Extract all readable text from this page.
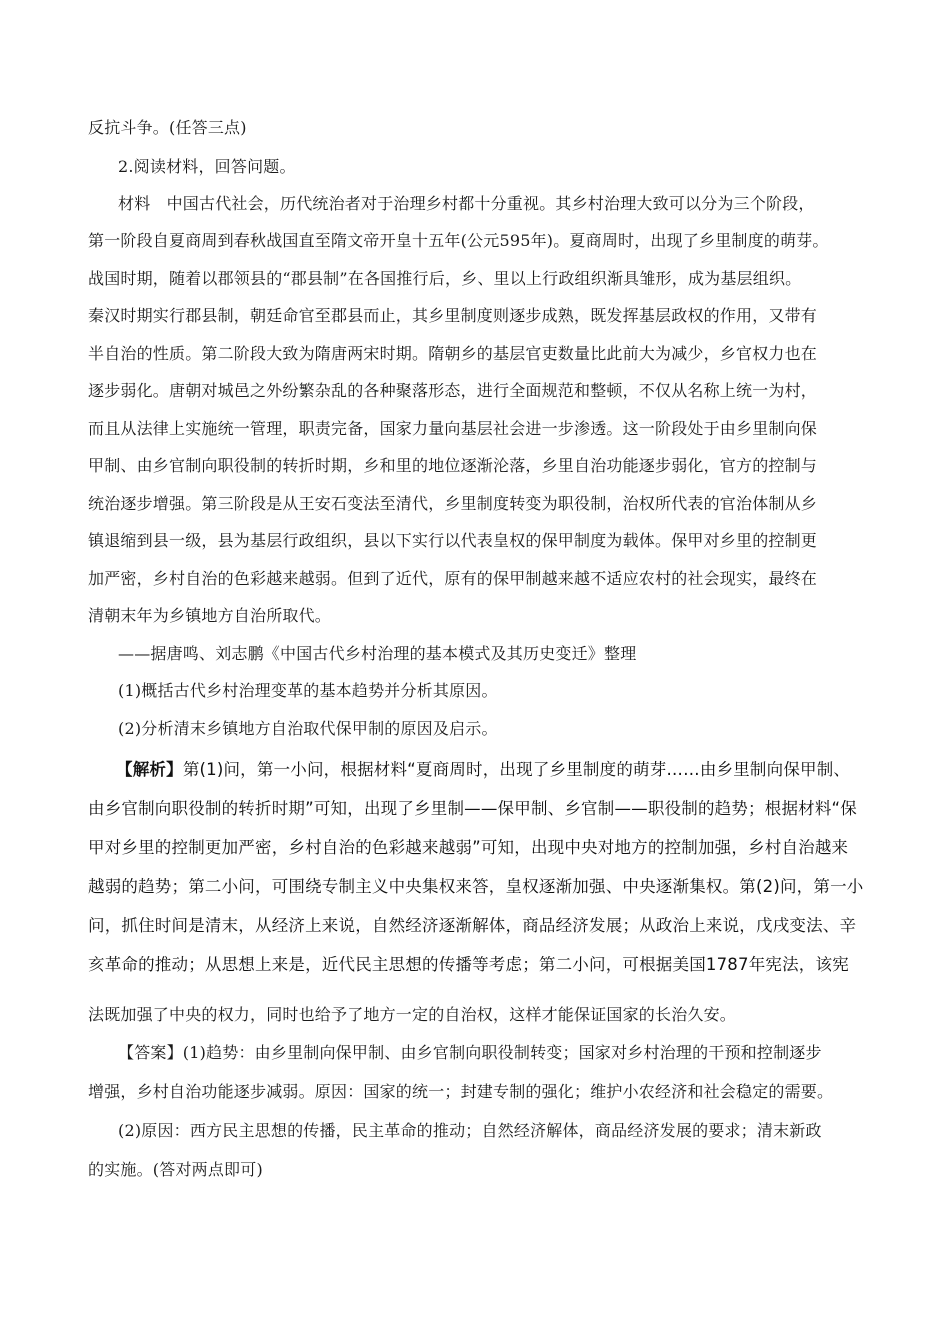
反抗斗争。(任答三点)
2.阅读材料，回答问题。
材料　中国古代社会，历代统治者对于治理乡村都十分重视。其乡村治理大致可以分为三个阶段，
第一阶段自夏商周到春秋战国直至隋文帝开皇十五年(公元595年)。夏商周时，出现了乡里制度的萌芽。
战国时期，随着以郡领县的“郡县制”在各国推行后，乡、里以上行政组织渐具雏形，成为基层组织。
秦汉时期实行郡县制，朝廷命官至郡县而止，其乡里制度则逐步成熟，既发挥基层政权的作用，又带有
半自治的性质。第二阶段大致为隋唐两宋时期。隋朝乡的基层官吏数量比此前大为减少，乡官权力也在
逐步弱化。唐朝对城邑之外纷繁杂乱的各种聚落形态，进行全面规范和整顿，不仅从名称上统一为村，
而且从法律上实施统一管理，职责完备，国家力量向基层社会进一步渗透。这一阶段处于由乡里制向保
甲制、由乡官制向职役制的转折时期，乡和里的地位逐渐沦落，乡里自治功能逐步弱化，官方的控制与
统治逐步增强。第三阶段是从王安石变法至清代，乡里制度转变为职役制，治权所代表的官治体制从乡
镇退缩到县一级，县为基层行政组织，县以下实行以代表皇权的保甲制度为载体。保甲对乡里的控制更
加严密，乡村自治的色彩越来越弱。但到了近代，原有的保甲制越来越不适应农村的社会现实，最终在
清朝末年为乡镇地方自治所取代。
——据唐鸣、刘志鹏《中国古代乡村治理的基本模式及其历史变迁》整理
(1)概括古代乡村治理变革的基本趋势并分析其原因。
(2)分析清末乡镇地方自治取代保甲制的原因及启示。
【解析】第(1)问，第一小问，根据材料“夏商周时，出现了乡里制度的萌芽……由乡里制向保甲制、
由乡官制向职役制的转折时期”可知，出现了乡里制——保甲制、乡官制——职役制的趋势；根据材料“保
甲对乡里的控制更加严密，乡村自治的色彩越来越弱”可知，出现中央对地方的控制加强，乡村自治越来
越弱的趋势；第二小问，可围绕专制主义中央集权来答，皇权逐渐加强、中央逐渐集权。第(2)问，第一小
问，抓住时间是清末，从经济上来说，自然经济逐渐解体，商品经济发展；从政治上来说，戊戌变法、辛
亥革命的推动；从思想上来是，近代民主思想的传播等考虑；第二小问，可根据美国1787年宪法，该宪
法既加强了中央的权力，同时也给予了地方一定的自治权，这样才能保证国家的长治久安。
【答案】(1)趋势：由乡里制向保甲制、由乡官制向职役制转变；国家对乡村治理的干预和控制逐步
增强，乡村自治功能逐步减弱。原因：国家的统一；封建专制的强化；维护小农经济和社会稳定的需要。
(2)原因：西方民主思想的传播，民主革命的推动；自然经济解体，商品经济发展的要求；清末新政
的实施。(答对两点即可)
